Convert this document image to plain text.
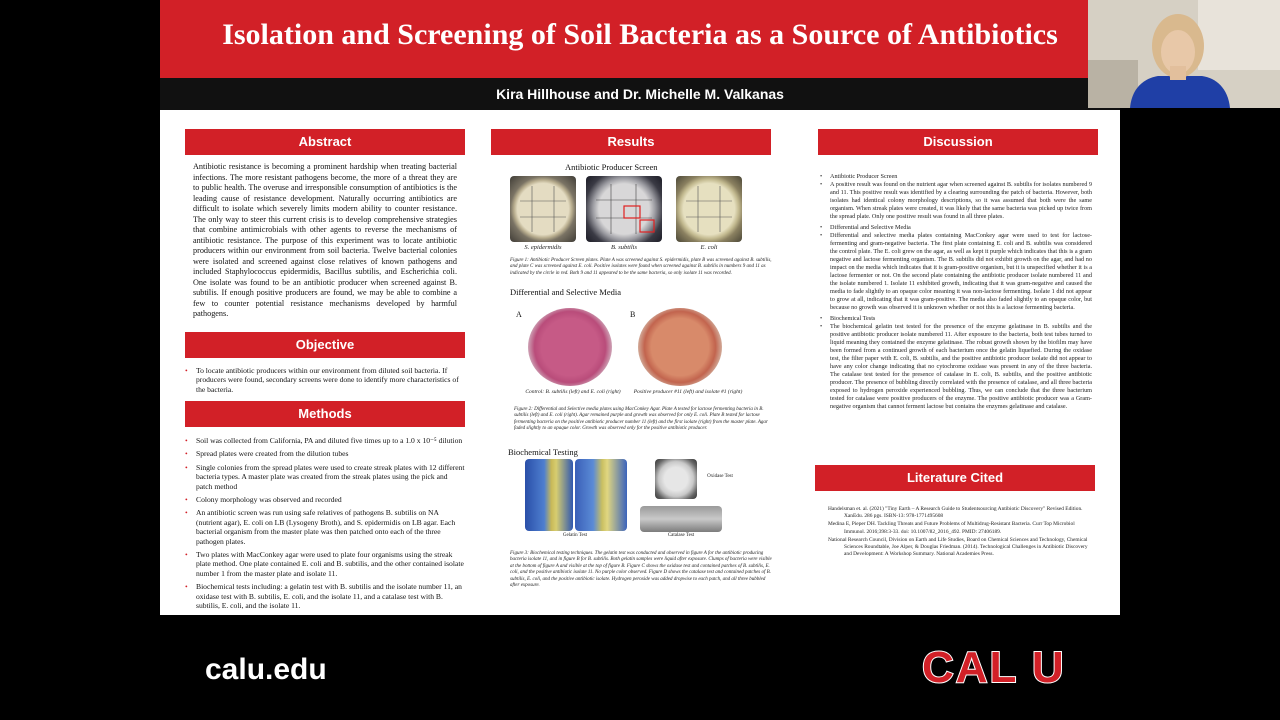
Isolation and Screening of Soil Bacteria as a Source of Antibiotics
Kira Hillhouse and Dr. Michelle M. Valkanas
Abstract
Antibiotic resistance is becoming a prominent hardship when treating bacterial infections. The more resistant pathogens become, the more of a threat they are to public health. The overuse and irresponsible consumption of antibiotics is the leading cause of resistance development. Naturally occurring antibiotics are difficult to isolate which severely limits modern ability to counter resistance. The only way to steer this current crisis is to develop comprehensive strategies that combine antimicrobials with other agents to reverse the mechanisms of antibiotic resistance. The purpose of this experiment was to locate antibiotic producers within our environment from soil bacteria. Twelve bacterial colonies were isolated and screened against close relatives of known pathogens and included Staphylococcus epidermidis, Bacillus subtilis, and Escherichia coli. One isolate was found to be an antibiotic producer when screened against B. subtilis. If enough positive producers are found, we may be able to combine a few to counter potential resistance mechanisms developed by harmful pathogens.
Objective
• To locate antibiotic producers within our environment from diluted soil bacteria. If producers were found, secondary screens were done to identify more characteristics of the bacteria.
Methods
• Soil was collected from California, PA and diluted five times up to a 1.0 x 10⁻⁵ dilution
• Spread plates were created from the dilution tubes
• Single colonies from the spread plates were used to create streak plates with 12 different bacteria types. A master plate was created from the streak plates using the pick and patch method
• Colony morphology was observed and recorded
• An antibiotic screen was run using safe relatives of pathogens B. subtilis on NA (nutrient agar), E. coli on LB (Lysogeny Broth), and S. epidermidis on LB agar. Each bacterial organism from the master plate was then patched onto each of the three pathogen plates.
• Two plates with MacConkey agar were used to plate four organisms using the streak plate method. One plate contained E. coli and B. subtilis, and the other contained isolate number 1 from the master plate and isolate 11.
• Biochemical tests including: a gelatin test with B. subtilis and the isolate number 11, an oxidase test with B. subtilis, E. coli, and the isolate 11, and a catalase test with B. subtilis, E. coli, and the isolate 11.
Results
Antibiotic Producer Screen
S. epidermidis	B. subtilis	E. coli
Figure 1: Antibiotic Producer Screen plates. Plate A was screened against S. epidermidis, plate B was screened against B. subtilis, and plate C was screened against E. coli. Positive isolates were found when screened against B. subtilis in numbers 9 and 11 as indicated by the circle in red. Both 9 and 11 appeared to be the same bacteria, so only isolate 11 was recorded.
Differential and Selective Media
A	B
Control: B. subtilis (left) and E. coli (right)	Positive producer #11 (left) and isolate #1 (right)
Figure 2: Differential and Selective media plates using MacConkey Agar. Plate A tested for lactose fermenting bacteria in B. subtilis (left) and E. coli (right). Agar remained purple and growth was observed for only E. coli. Plate B tested for lactose fermenting bacteria on the positive antibiotic producer number 11 (left) and the first isolate (right) from the master plate. Agar faded slightly to an opaque color. Growth was observed only for the positive antibiotic producer.
Biochemical Testing
Gelatin Test
Oxidase Test
Catalase Test
Figure 3: Biochemical testing techniques. The gelatin test was conducted and observed in figure A for the antibiotic producing bacteria isolate 11, and in figure B for B. subtilis. Both gelatin samples were liquid after exposure. Clumps of bacteria were visible at the bottom of figure A and visible at the top of figure B. Figure C shows the oxidase test and contained patches of B. subtilis, E. coli, and the positive antibiotic isolate 11. No purple color observed. Figure D shows the catalase test and contained patches of B. subtilis, E. coli, and the positive antibiotic isolate. Hydrogen peroxide was added dropwise to each patch, and all three bubbled after exposure.
Discussion
• Antibiotic Producer Screen
• A positive result was found on the nutrient agar when screened against B. subtilis for isolates numbered 9 and 11. This positive result was identified by a clearing surrounding the patch of bacteria. However, both isolates had identical colony morphology descriptions, so it was assumed that both were the same organism. When streak plates were created, it was likely that the same bacteria was picked up twice from the spread plate. Only one positive result was found in all three plates.
• Differential and Selective Media
• Differential and selective media plates containing MacConkey agar were used to test for lactose-fermenting and gram-negative bacteria. The first plate containing E. coli and B. subtilis was considered the control plate. The E. coli grew on the agar, as well as kept it purple which indicates that this is a gram negative and lactose fermenting organism. The B. subtilis did not exhibit growth on the agar, and had no impact on the media which indicates that it is gram-positive organism, but it is unspecified whether it is a lactose fermenter or not. On the second plate containing the antibiotic producer isolate numbered 11 and the isolate numbered 1. Isolate 11 exhibited growth, indicating that it was gram-negative and caused the media to fade slightly to an opaque color meaning it was non-lactose fermenting. Isolate 1 did not appear to grow at all, indicating that it was gram-positive. The media also faded slightly to an opaque color, but because no growth was observed it is unknown whether or not this is a lactose fermenting bacteria.
• Biochemical Tests
• The biochemical gelatin test tested for the presence of the enzyme gelatinase in B. subtilis and the positive antibiotic producer isolate numbered 11. After exposure to the bacteria, both test tubes turned to liquid meaning they contained the enzyme gelatinase. The robust growth shown by the biofilm may have been formed from a continued growth of each bacterium once the gelatin liquefied. During the oxidase test, the filter paper with E. coli, B. subtilis, and the positive antibiotic producer isolate did not appear to have any color change indicating that no cytochrome oxidase was present in any of the three bacteria. The catalase test tested for the presence of catalase in E. coli, B. subtilis, and the positive antibiotic producer. The presence of bubbling directly correlated with the presence of catalase, and all three bacteria exposed to hydrogen peroxide experienced bubbling. Thus, we can conclude that the three bacterium tested for catalase were positive producers of the enzyme. The positive antibiotic producer was a Gram-negative organism that cannot ferment lactose but contains the enzymes gelatinase and catalase.
Literature Cited

Handelsman et. al. (2021) "Tiny Earth – A Research Guide to Studentsourcing Antibiotic Discovery" Revised Edition. XanEdu. 286 pgs. ISBN-13: 978-1771495608

Medina E, Pieper DH. Tackling Threats and Future Problems of Multidrug-Resistant Bacteria. Curr Top Microbiol Immunol. 2016;398:3-33. doi: 10.1007/82_2016_492. PMID: 27406189.

National Research Council, Division on Earth and Life Studies, Board on Chemical Sciences and Technology, Chemical Sciences Roundtable, Joe Alper, & Douglas Friedman. (2014). Technological Challenges in Antibiotic Discovery and Development: A Workshop Summary. National Academies Press.

calu.edu	CAL U
